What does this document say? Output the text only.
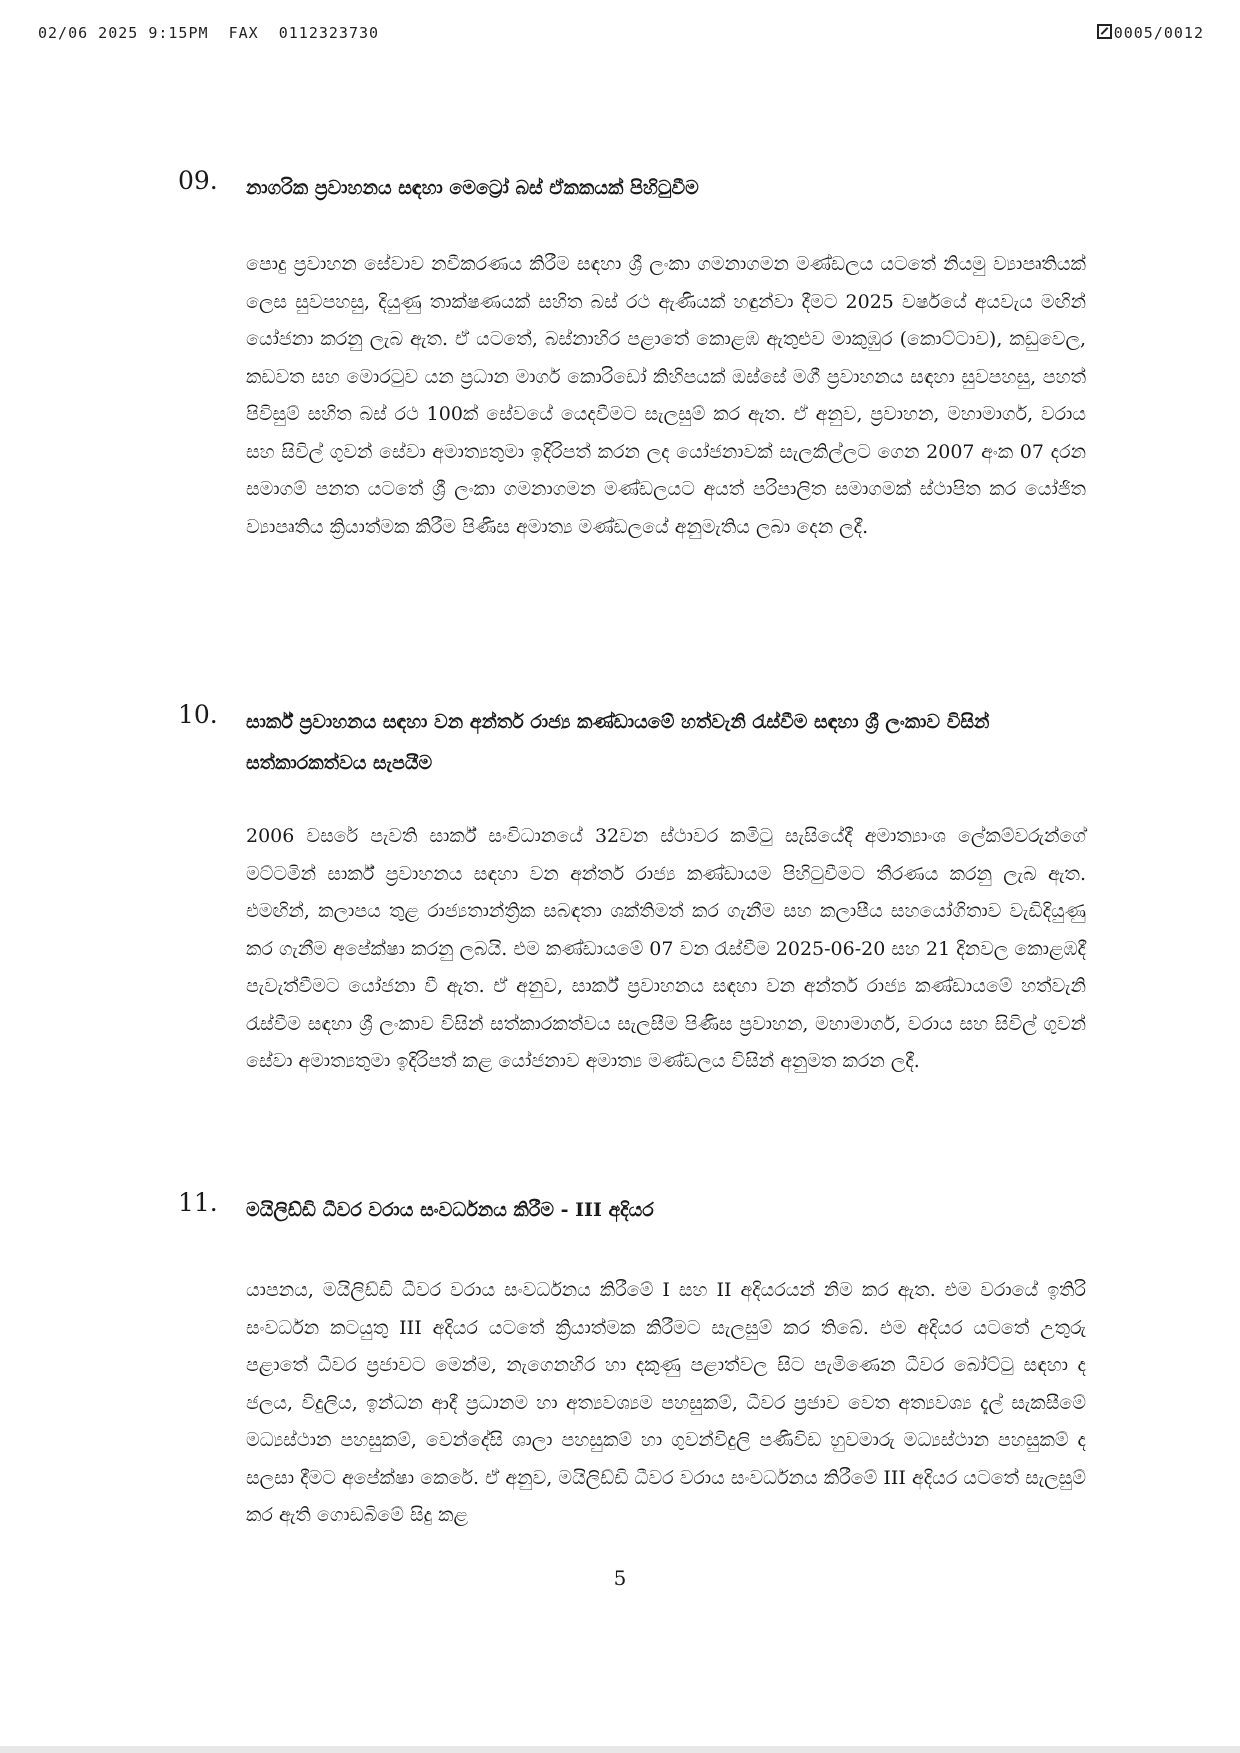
02/06 2025 9:15PM  FAX  0112323730	0005/0012
09. නාගරික ප්‍රවාහනය සඳහා මෙට්‍රෝ බස් ඒකකයක් පිහිටුවීම
පොදු ප්‍රවාහන සේවාව නවීකරණය කිරීම සඳහා ශ්‍රී ලංකා ගමනාගමන මණ්ඩලය යටතේ නියමු ව්‍යාපෘතියක් ලෙස සුවපහසු, දියුණු තාක්ෂණයක් සහිත බස් රථ ඇණියක් හඳුන්වා දීමට 2025 වර්ෂයේ අයවැය මඟින් යෝජනා කරනු ලැබ ඇත. ඒ යටතේ, බස්නාහිර පළාතේ කොළඹ ඇතුළුව මාකුඹුර (කොට්ටාව), කඩුවෙල, කඩවත සහ මොරටුව යන ප්‍රධාන මාර්ග කොරිඩෝ කිහිපයක් ඔස්සේ මගී ප්‍රවාහනය සඳහා සුවපහසු, පහත් පිවිසුම් සහිත බස් රථ 100ක් සේවයේ යෙදවීමට සැලසුම් කර ඇත. ඒ අනුව, ප්‍රවාහන, මහාමාර්ග, වරාය සහ සිවිල් ගුවන් සේවා අමාත්‍යතුමා ඉදිරිපත් කරන ලද යෝජනාවක් සැලකිල්ලට ගෙන 2007 අංක 07 දරන සමාගම් පනත යටතේ ශ්‍රී ලංකා ගමනාගමන මණ්ඩලයට අයත් පරිපාලිත සමාගමක් ස්ථාපිත කර යෝජිත ව්‍යාපෘතිය ක්‍රියාත්මක කිරීම පිණිස අමාත්‍ය මණ්ඩලයේ අනුමැතිය ලබා දෙන ලදී.
10. සාර්ක් ප්‍රවාහනය සඳහා වන අන්තර් රාජ්‍ය කණ්ඩායමේ හත්වැනි රැස්වීම සඳහා ශ්‍රී ලංකාව විසින් සත්කාරකත්වය සැපයීම
2006 වසරේ පැවති සාර්ක් සංවිධානයේ 32වන ස්ථාවර කමිටු සැසියේදී අමාත්‍යාංශ ලේකම්වරුන්ගේ මට්ටමින් සාර්ක් ප්‍රවාහනය සඳහා වන අන්තර් රාජ්‍ය කණ්ඩායම පිහිටුවීමට තීරණය කරනු ලැබ ඇත. එමඟින්, කලාපය තුළ රාජ්‍යතාන්ත්‍රික සබඳතා ශක්තිමත් කර ගැනීම සහ කලාපීය සහයෝගිතාව වැඩිදියුණු කර ගැනීම අපේක්ෂා කරනු ලබයි. එම කණ්ඩායමේ 07 වන රැස්වීම 2025-06-20 සහ 21 දිනවල කොළඹදී පැවැත්වීමට යෝජනා වී ඇත. ඒ අනුව, සාර්ක් ප්‍රවාහනය සඳහා වන අන්තර් රාජ්‍ය කණ්ඩායමේ හත්වැනි රැස්වීම සඳහා ශ්‍රී ලංකාව විසින් සත්කාරකත්වය සැලසීම පිණිස ප්‍රවාහන, මහාමාර්ග, වරාය සහ සිවිල් ගුවන් සේවා අමාත්‍යතුමා ඉදිරිපත් කළ යෝජනාව අමාත්‍ය මණ්ඩලය විසින් අනුමත කරන ලදී.
11. මයිලිඩ්ඩි ධීවර වරාය සංවර්ධනය කිරීම - III අදියර
යාපනය, මයිලිඩ්ඩි ධීවර වරාය සංවර්ධනය කිරීමේ I සහ II අදියරයන් නිම කර ඇත. එම වරායේ ඉතිරි සංවර්ධන කටයුතු III අදියර යටතේ ක්‍රියාත්මක කිරීමට සැලසුම් කර තිබේ. එම අදියර යටතේ උතුරු පළාතේ ධීවර ප්‍රජාවට මෙන්ම, නැගෙනහිර හා දකුණු පළාත්වල සිට පැමිණෙන ධීවර බෝට්ටු සඳහා ද ජලය, විදුලිය, ඉන්ධන ආදී ප්‍රධානම හා අත්‍යවශ්‍යම පහසුකම්, ධීවර ප්‍රජාව වෙත අත්‍යවශ්‍ය දැල් සැකසීමේ මධ්‍යස්ථාන පහසුකම්, වෙන්දේසි ශාලා පහසුකම් හා ගුවන්විදුලි පණිවිඩ හුවමාරු මධ්‍යස්ථාන පහසුකම් ද සලසා දීමට අපේක්ෂා කෙරේ. ඒ අනුව, මයිලිඩ්ඩි ධීවර වරාය සංවර්ධනය කිරීමේ III අදියර යටතේ සැලසුම් කර ඇති ගොඩබිමේ සිදු කළ
5
